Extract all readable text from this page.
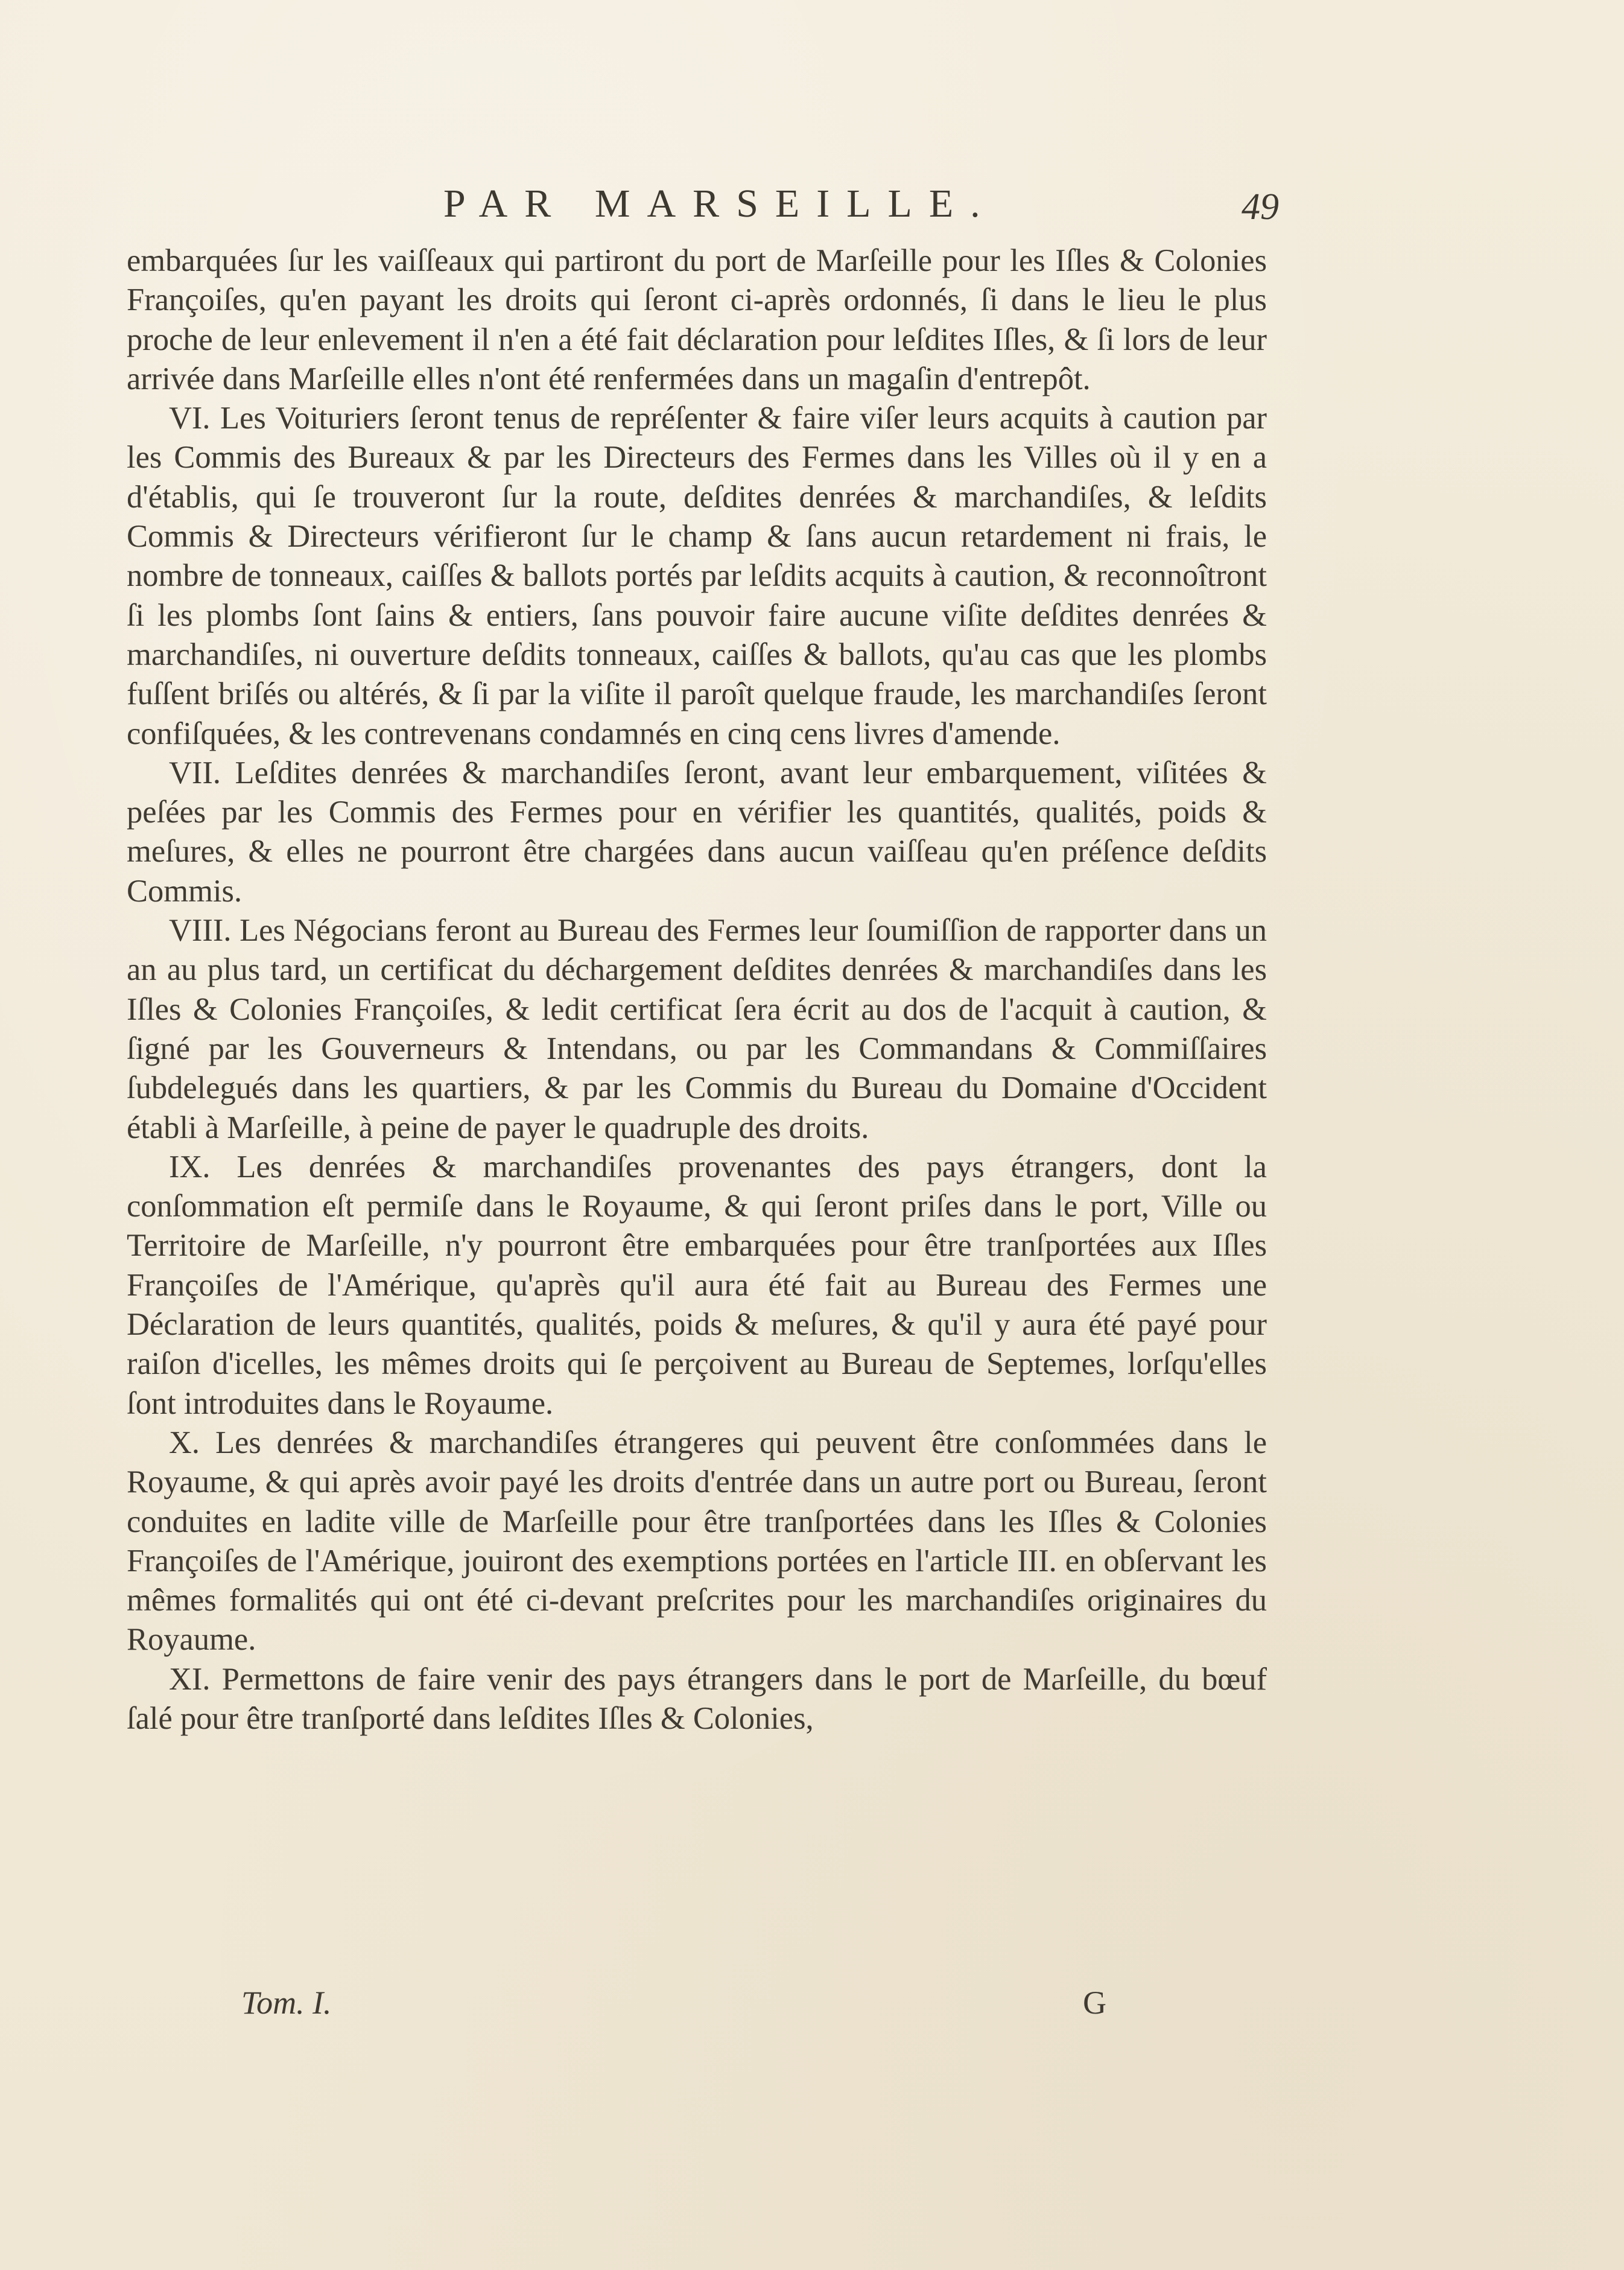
PAR MARSEILLE.	49

embarquées ſur les vaiſſeaux qui partiront du port de Marſeille pour les Iſles & Colonies Françoiſes, qu'en payant les droits qui ſeront ci-après ordonnés, ſi dans le lieu le plus proche de leur enlevement il n'en a été fait déclaration pour leſdites Iſles, & ſi lors de leur arrivée dans Marſeille elles n'ont été renfermées dans un magaſin d'entrepôt.

VI. Les Voituriers ſeront tenus de repréſenter & faire viſer leurs acquits à caution par les Commis des Bureaux & par les Directeurs des Fermes dans les Villes où il y en a d'établis, qui ſe trouveront ſur la route, deſdites denrées & marchandiſes, & leſdits Commis & Directeurs vérifieront ſur le champ & ſans aucun retardement ni frais, le nombre de tonneaux, caiſſes & ballots portés par leſdits acquits à caution, & reconnoîtront ſi les plombs ſont ſains & entiers, ſans pouvoir faire aucune viſite deſdites denrées & marchandiſes, ni ouverture deſdits tonneaux, caiſſes & ballots, qu'au cas que les plombs fuſſent briſés ou altérés, & ſi par la viſite il paroît quelque fraude, les marchandiſes ſeront confiſquées, & les contrevenans condamnés en cinq cens livres d'amende.

VII. Leſdites denrées & marchandiſes ſeront, avant leur embarquement, viſitées & peſées par les Commis des Fermes pour en vérifier les quantités, qualités, poids & meſures, & elles ne pourront être chargées dans aucun vaiſſeau qu'en préſence deſdits Commis.

VIII. Les Négocians feront au Bureau des Fermes leur ſoumiſſion de rapporter dans un an au plus tard, un certificat du déchargement deſdites denrées & marchandiſes dans les Iſles & Colonies Françoiſes, & ledit certificat ſera écrit au dos de l'acquit à caution, & ſigné par les Gouverneurs & Intendans, ou par les Commandans & Commiſſaires ſubdelegués dans les quartiers, & par les Commis du Bureau du Domaine d'Occident établi à Marſeille, à peine de payer le quadruple des droits.

IX. Les denrées & marchandiſes provenantes des pays étrangers, dont la conſommation eſt permiſe dans le Royaume, & qui ſeront priſes dans le port, Ville ou Territoire de Marſeille, n'y pourront être embarquées pour être tranſportées aux Iſles Françoiſes de l'Amérique, qu'après qu'il aura été fait au Bureau des Fermes une Déclaration de leurs quantités, qualités, poids & meſures, & qu'il y aura été payé pour raiſon d'icelles, les mêmes droits qui ſe perçoivent au Bureau de Septemes, lorſqu'elles ſont introduites dans le Royaume.

X. Les denrées & marchandiſes étrangeres qui peuvent être conſommées dans le Royaume, & qui après avoir payé les droits d'entrée dans un autre port ou Bureau, ſeront conduites en ladite ville de Marſeille pour être tranſportées dans les Iſles & Colonies Françoiſes de l'Amérique, jouiront des exemptions portées en l'article III. en obſervant les mêmes formalités qui ont été ci-devant preſcrites pour les marchandiſes originaires du Royaume.

XI. Permettons de faire venir des pays étrangers dans le port de Marſeille, du bœuf ſalé pour être tranſporté dans leſdites Iſles & Colonies,

Tom. I.	G
